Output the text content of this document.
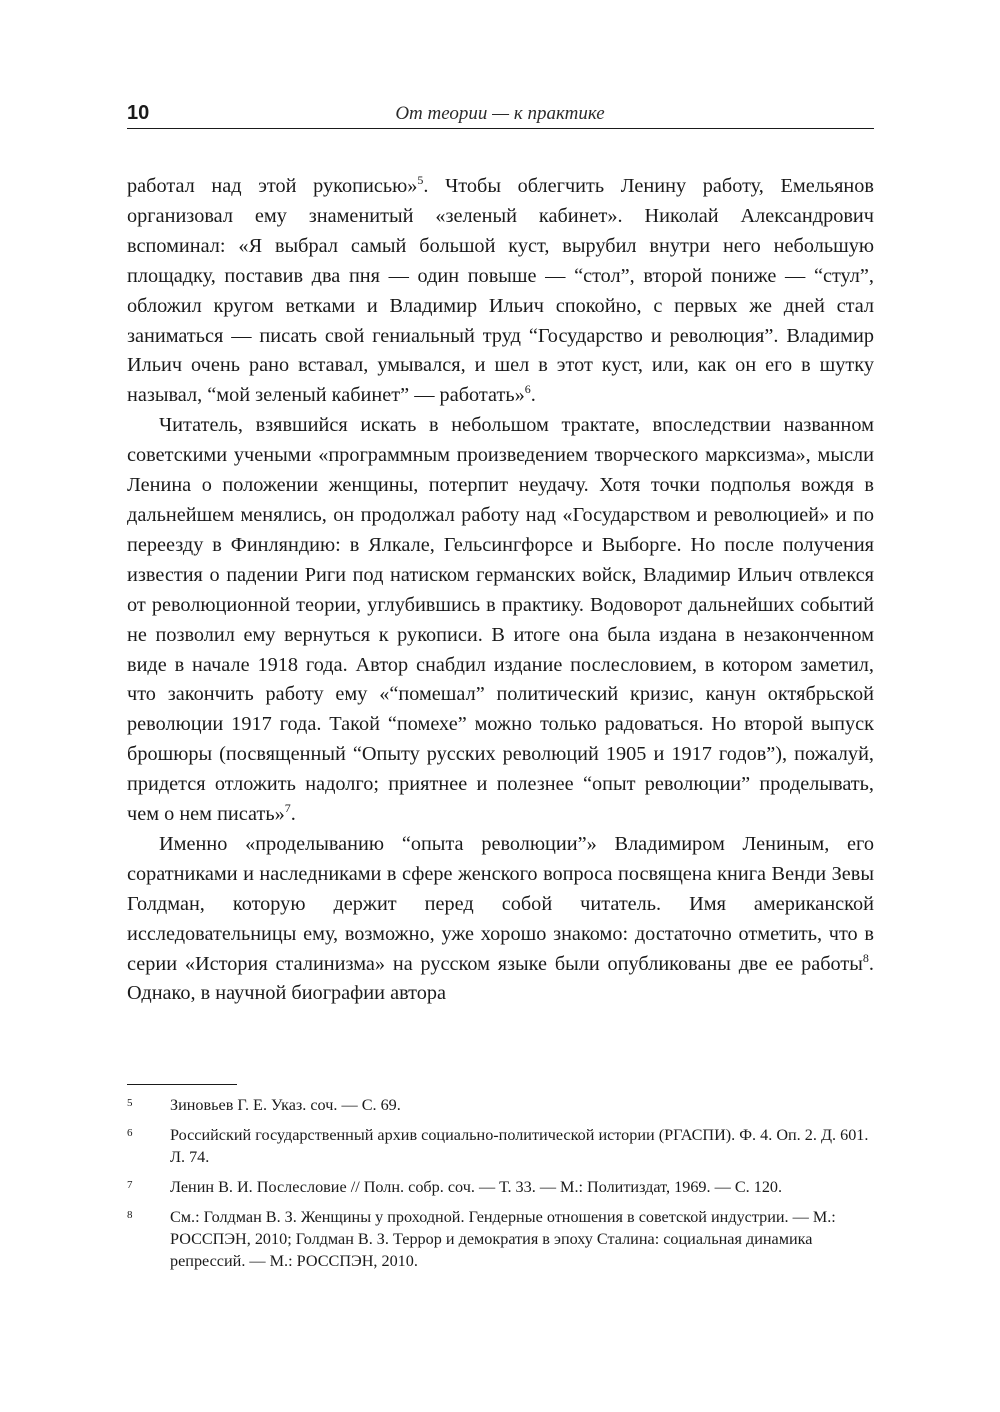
10	От теории — к практике

работал над этой рукописью»$^5$. Чтобы облегчить Ленину работу, Емельянов организовал ему знаменитый «зеленый кабинет». Николай Александрович вспоминал: «Я выбрал самый большой куст, вырубил внутри него небольшую площадку, поставив два пня — один повыше — “стол”, второй пониже — “стул”, обложил кругом ветками и Владимир Ильич спокойно, с первых же дней стал заниматься — писать свой гениальный труд “Государство и революция”. Владимир Ильич очень рано вставал, умывался, и шел в этот куст, или, как он его в шутку называл, “мой зеленый кабинет” — работать»$^6$.

Читатель, взявшийся искать в небольшом трактате, впоследствии названном советскими учеными «программным произведением творческого марксизма», мысли Ленина о положении женщины, потерпит неудачу. Хотя точки подполья вождя в дальнейшем менялись, он продолжал работу над «Государством и революцией» и по переезду в Финляндию: в Ялкале, Гельсингфорсе и Выборге. Но после получения известия о падении Риги под натиском германских войск, Владимир Ильич отвлекся от революционной теории, углубившись в практику. Водоворот дальнейших событий не позволил ему вернуться к рукописи. В итоге она была издана в незаконченном виде в начале 1918 года. Автор снабдил издание послесловием, в котором заметил, что закончить работу ему «“помешал” политический кризис, канун октябрьской революции 1917 года. Такой “помехе” можно только радоваться. Но второй выпуск брошюры (посвященный “Опыту русских революций 1905 и 1917 годов”), пожалуй, придется отложить надолго; приятнее и полезнее “опыт революции” проделывать, чем о нем писать»$^7$.

Именно «проделыванию “опыта революции”» Владимиром Лениным, его соратниками и наследниками в сфере женского вопроса посвящена книга Венди Зевы Голдман, которую держит перед собой читатель. Имя американской исследовательницы ему, возможно, уже хорошо знакомо: достаточно отметить, что в серии «История сталинизма» на русском языке были опубликованы две ее работы$^8$. Однако, в научной биографии автора

5	Зиновьев Г. Е. Указ. соч. — С. 69.
6	Российский государственный архив социально-политической истории (РГАСПИ). Ф. 4. Оп. 2. Д. 601. Л. 74.
7	Ленин В. И. Послесловие // Полн. собр. соч. — Т. 33. — М.: Политиздат, 1969. — С. 120.
8	См.: Голдман В. З. Женщины у проходной. Гендерные отношения в советской индустрии. — М.: РОССПЭН, 2010; Голдман В. З. Террор и демократия в эпоху Сталина: социальная динамика репрессий. — М.: РОССПЭН, 2010.
